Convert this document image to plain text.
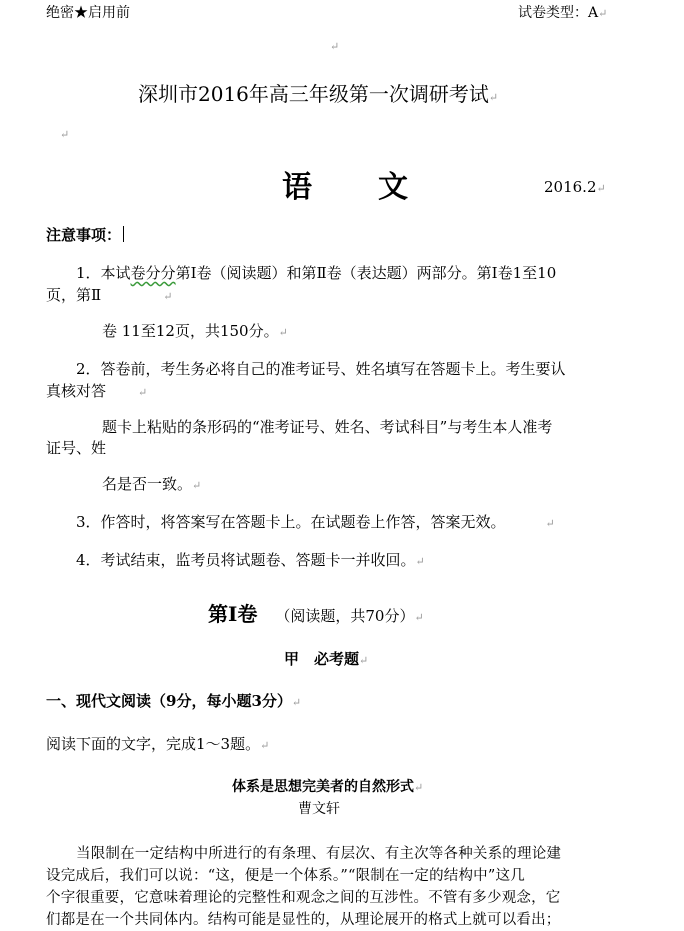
绝密★启用前	试卷类型：A↵
↵
深圳市2016年高三年级第一次调研考试↵
↵
语　　文	2016.2↵
注意事项：
1．本试卷分分第Ⅰ卷（阅读题）和第Ⅱ卷（表达题）两部分。第Ⅰ卷1至10
页，第Ⅱ	↵
卷 11至12页，共150分。↵
2．答卷前，考生务必将自己的准考证号、姓名填写在答题卡上。考生要认
真核对答	↵
题卡上粘贴的条形码的“准考证号、姓名、考试科目”与考生本人准考
证号、姓
名是否一致。↵
3．作答时，将答案写在答题卡上。在试题卷上作答，答案无效。	↵
4．考试结束，监考员将试题卷、答题卡一并收回。↵
第Ⅰ卷 （阅读题，共70分）↵
甲　必考题↵
一、现代文阅读（9分，每小题3分）↵
阅读下面的文字，完成1～3题。↵
体系是思想完美者的自然形式↵
曹文轩
当限制在一定结构中所进行的有条理、有层次、有主次等各种关系的理论建
设完成后，我们可以说：“这，便是一个体系。”“限制在一定的结构中”这几
个字很重要，它意味着理论的完整性和观念之间的互涉性。不管有多少观念，它
们都是在一个共同体内。结构可能是显性的，从理论展开的格式上就可以看出；
